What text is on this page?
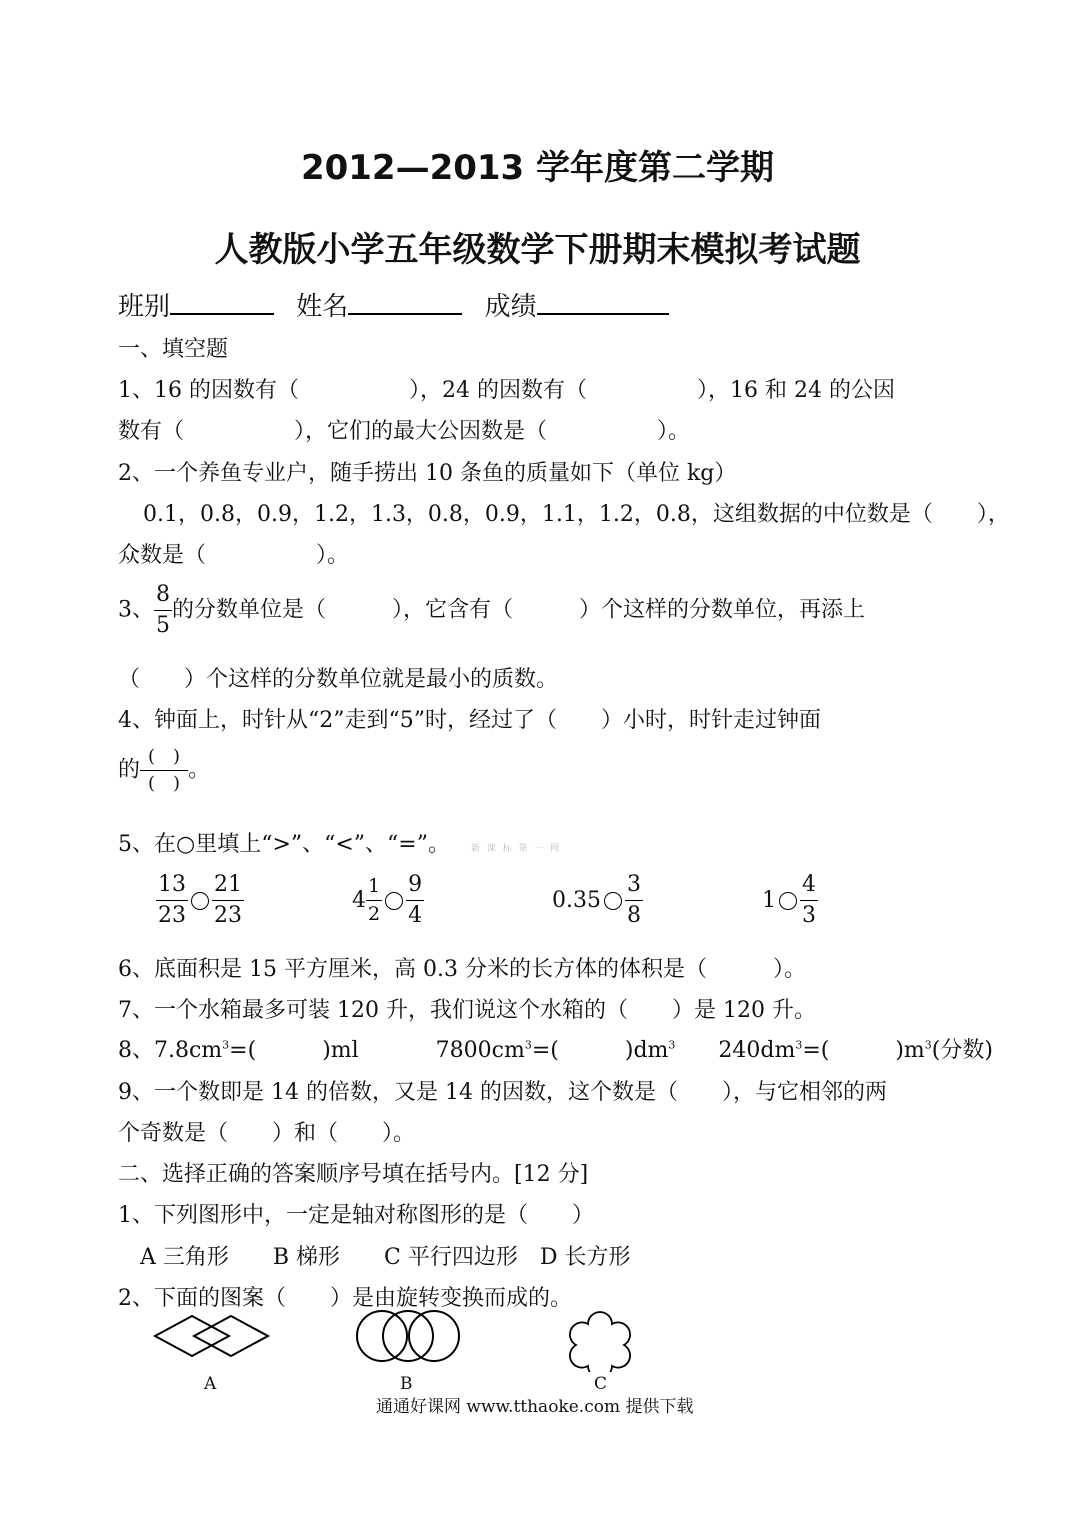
2012—2013 学年度第二学期
人教版小学五年级数学下册期末模拟考试题
班别	姓名	成绩
一、填空题
1、16 的因数有（　　　　　），24 的因数有（　　　　　），16 和 24 的公因
数有（　　　　　），它们的最大公因数是（　　　　　）。
2、一个养鱼专业户，随手捞出 10 条鱼的质量如下（单位 kg）
0.1，0.8，0.9，1.2，1.3，0.8，0.9，1.1，1.2，0.8，这组数据的中位数是（　　），
众数是（　　　　　）。
3、 $\frac{8}{5}$ 的分数单位是（　　　），它含有（　　　）个这样的分数单位，再添上
（　　）个这样的分数单位就是最小的质数。
4、钟面上，时针从“2”走到“5”时，经过了（　　）小时，时针走过钟面
的 $\frac{( )}{( )}$ 。
5、在○里填上“>”、“<”、“=”。 新 课 标 第 一 网
$\frac{13}{23} \frac{21}{23}$	$4 \frac{1}{2} \frac{9}{4}$	$0.35 \frac{3}{8}$	$1 \frac{4}{3}$
6、底面积是 15 平方厘米，高 0.3 分米的长方体的体积是（　　　）。
7、一个水箱最多可装 120 升，我们说这个水箱的（　　）是 120 升。
8、$7.8cm^3=$(　　　)ml	$7800cm^3=$(　　　)$dm^3$ $240dm^3=$(　　　)$m^3$(分数)
9、一个数即是 14 的倍数，又是 14 的因数，这个数是（　　），与它相邻的两
个奇数是（　　）和（　　）。
二、选择正确的答案顺序号填在括号内。[12 分]
1、下列图形中，一定是轴对称图形的是（　　）
A 三角形　　B 梯形　　C 平行四边形　D 长方形
2、下面的图案（　　）是由旋转变换而成的。
A	B	C
通通好课网 www.tthaoke.com 提供下载
